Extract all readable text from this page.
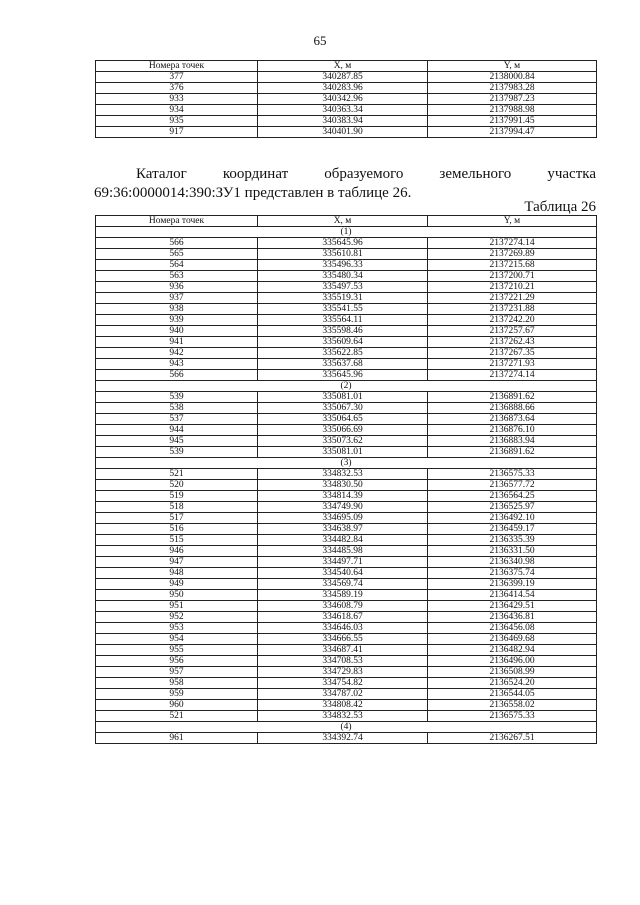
65
Номера точек	X, м	Y, м
377	340287.85	2138000.84
376	340283.96	2137983.28
933	340342.96	2137987.23
934	340363.34	2137988.98
935	340383.94	2137991.45
917	340401.90	2137994.47
Каталог координат образуемого земельного участка
69:36:0000014:390:ЗУ1 представлен в таблице 26.
Таблица 26
Номера точек	X, м	Y, м
(1)		
566	335645.96	2137274.14
565	335610.81	2137269.89
564	335496.33	2137215.68
563	335480.34	2137200.71
936	335497.53	2137210.21
937	335519.31	2137221.29
938	335541.55	2137231.88
939	335564.11	2137242.20
940	335598.46	2137257.67
941	335609.64	2137262.43
942	335622.85	2137267.35
943	335637.68	2137271.93
566	335645.96	2137274.14
(2)		
539	335081.01	2136891.62
538	335067.30	2136888.66
537	335064.65	2136873.64
944	335066.69	2136876.10
945	335073.62	2136883.94
539	335081.01	2136891.62
(3)		
521	334832.53	2136575.33
520	334830.50	2136577.72
519	334814.39	2136564.25
518	334749.90	2136525.97
517	334695.09	2136492.10
516	334638.97	2136459.17
515	334482.84	2136335.39
946	334485.98	2136331.50
947	334497.71	2136340.98
948	334540.64	2136375.74
949	334569.74	2136399.19
950	334589.19	2136414.54
951	334608.79	2136429.51
952	334618.67	2136436.81
953	334646.03	2136456.08
954	334666.55	2136469.68
955	334687.41	2136482.94
956	334708.53	2136496.00
957	334729.83	2136508.99
958	334754.82	2136524.20
959	334787.02	2136544.05
960	334808.42	2136558.02
521	334832.53	2136575.33
(4)		
961	334392.74	2136267.51
